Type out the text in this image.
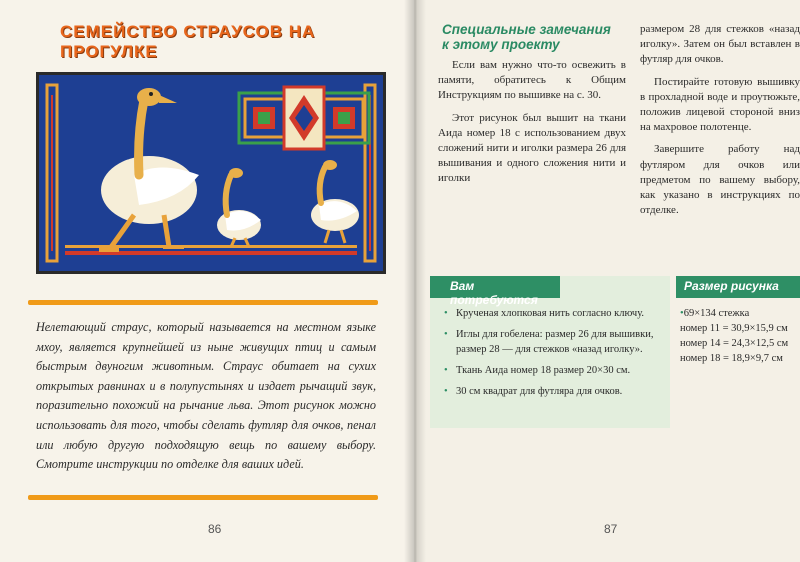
СЕМЕЙСТВО СТРАУСОВ НА ПРОГУЛКЕ
Нелетающий страус, который называется на местном языке мхоу, является крупнейшей из ныне живущих птиц и самым быстрым двуногим животным. Страус обитает на сухих открытых равнинах и в полупустынях и издает рычащий звук, поразительно похожий на рычание льва. Этот рисунок можно использовать для того, чтобы сделать футляр для очков, пенал или любую другую подходящую вещь по вашему выбору. Смотрите инструкции по отделке для ваших идей.
86
Специальные замечания
к этому проекту

Если вам нужно что-то освежить в памяти, обратитесь к Общим Инструкциям по вышивке на с. 30.

Этот рисунок был вышит на ткани Аида номер 18 с использованием двух сложений нити и иголки размера 26 для вышивания и одного сложения нити и иголки

размером 28 для стежков «назад иголку». Затем он был вставлен в футляр для очков.

Постирайте готовую вышивку в прохладной воде и проутюжьте, положив лицевой стороной вниз на махровое полотенце.

Завершите работу над футляром для очков или предметом по вашему выбору, как указано в инструкциях по отделке.

Вам потребуются
• Крученая хлопковая нить согласно ключу.
• Иглы для гобелена: размер 26 для вышивки, размер 28 — для стежков «назад иголку».
• Ткань Аида номер 18 размер 20×30 см.
• 30 см квадрат для футляра для очков.
Размер рисунка
• 69×134 стежка
номер 11 = 30,9×15,9 см
номер 14 = 24,3×12,5 см
номер 18 = 18,9×9,7 см
87
